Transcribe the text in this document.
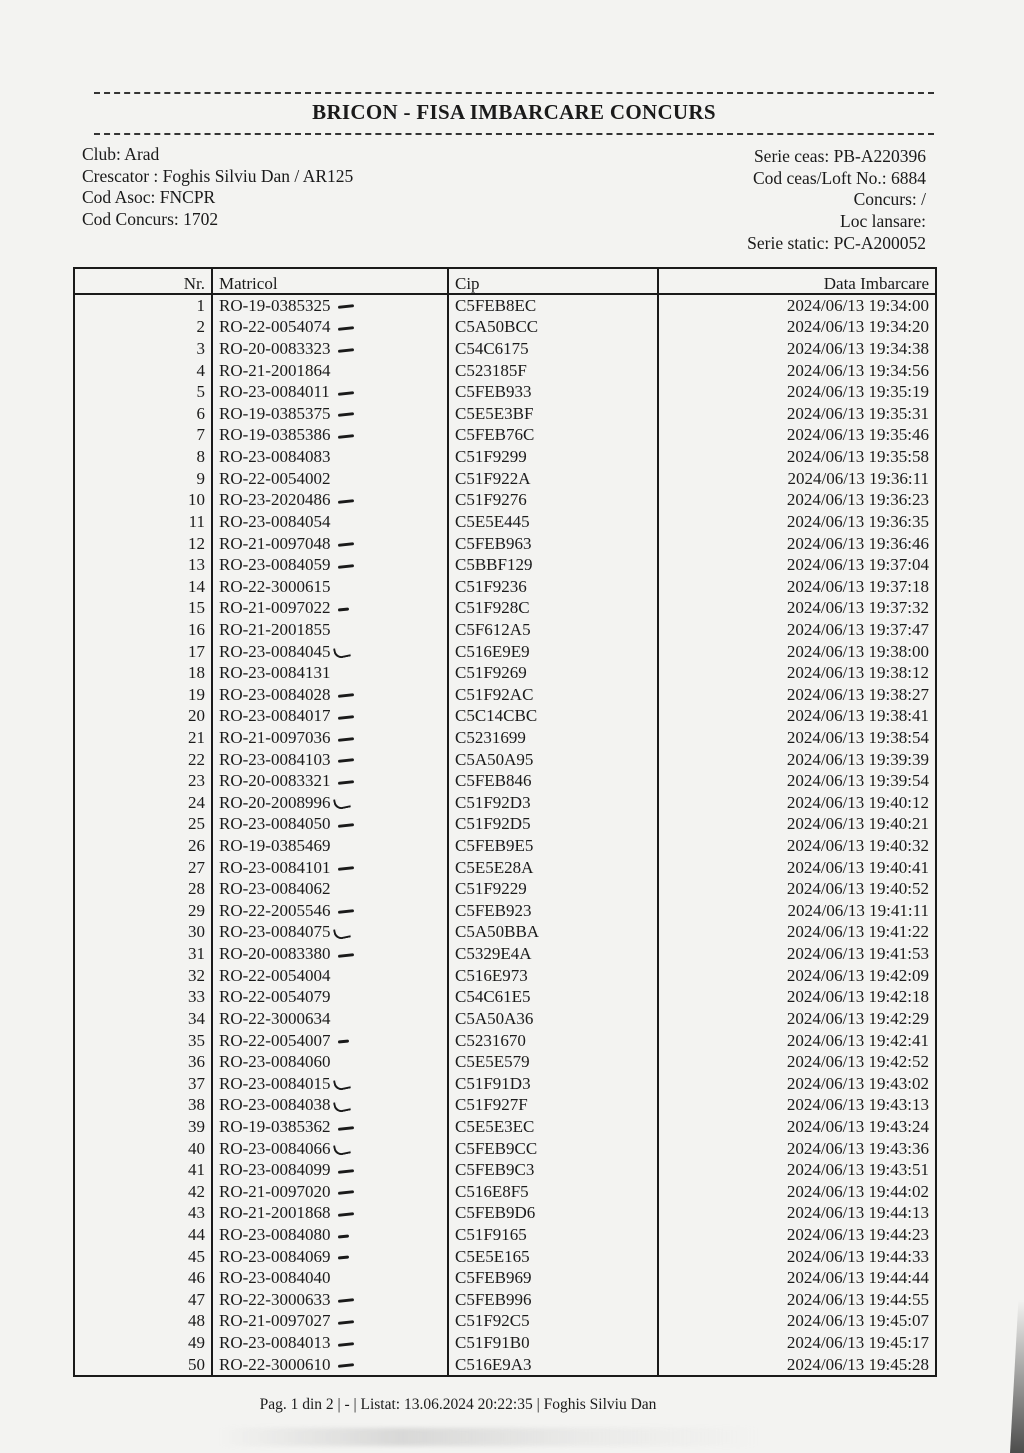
BRICON - FISA IMBARCARE CONCURS
Club: Arad
Crescator : Foghis Silviu Dan / AR125
Cod Asoc: FNCPR
Cod Concurs: 1702
Serie ceas: PB-A220396
Cod ceas/Loft No.: 6884
Concurs: /
Loc lansare:
Serie static: PC-A200052
Nr.	Matricol	Cip	Data Imbarcare
1	RO-19-0385325	C5FEB8EC	2024/06/13 19:34:00
2	RO-22-0054074	C5A50BCC	2024/06/13 19:34:20
3	RO-20-0083323	C54C6175	2024/06/13 19:34:38
4	RO-21-2001864	C523185F	2024/06/13 19:34:56
5	RO-23-0084011	C5FEB933	2024/06/13 19:35:19
6	RO-19-0385375	C5E5E3BF	2024/06/13 19:35:31
7	RO-19-0385386	C5FEB76C	2024/06/13 19:35:46
8	RO-23-0084083	C51F9299	2024/06/13 19:35:58
9	RO-22-0054002	C51F922A	2024/06/13 19:36:11
10	RO-23-2020486	C51F9276	2024/06/13 19:36:23
11	RO-23-0084054	C5E5E445	2024/06/13 19:36:35
12	RO-21-0097048	C5FEB963	2024/06/13 19:36:46
13	RO-23-0084059	C5BBF129	2024/06/13 19:37:04
14	RO-22-3000615	C51F9236	2024/06/13 19:37:18
15	RO-21-0097022	C51F928C	2024/06/13 19:37:32
16	RO-21-2001855	C5F612A5	2024/06/13 19:37:47
17	RO-23-0084045	C516E9E9	2024/06/13 19:38:00
18	RO-23-0084131	C51F9269	2024/06/13 19:38:12
19	RO-23-0084028	C51F92AC	2024/06/13 19:38:27
20	RO-23-0084017	C5C14CBC	2024/06/13 19:38:41
21	RO-21-0097036	C5231699	2024/06/13 19:38:54
22	RO-23-0084103	C5A50A95	2024/06/13 19:39:39
23	RO-20-0083321	C5FEB846	2024/06/13 19:39:54
24	RO-20-2008996	C51F92D3	2024/06/13 19:40:12
25	RO-23-0084050	C51F92D5	2024/06/13 19:40:21
26	RO-19-0385469	C5FEB9E5	2024/06/13 19:40:32
27	RO-23-0084101	C5E5E28A	2024/06/13 19:40:41
28	RO-23-0084062	C51F9229	2024/06/13 19:40:52
29	RO-22-2005546	C5FEB923	2024/06/13 19:41:11
30	RO-23-0084075	C5A50BBA	2024/06/13 19:41:22
31	RO-20-0083380	C5329E4A	2024/06/13 19:41:53
32	RO-22-0054004	C516E973	2024/06/13 19:42:09
33	RO-22-0054079	C54C61E5	2024/06/13 19:42:18
34	RO-22-3000634	C5A50A36	2024/06/13 19:42:29
35	RO-22-0054007	C5231670	2024/06/13 19:42:41
36	RO-23-0084060	C5E5E579	2024/06/13 19:42:52
37	RO-23-0084015	C51F91D3	2024/06/13 19:43:02
38	RO-23-0084038	C51F927F	2024/06/13 19:43:13
39	RO-19-0385362	C5E5E3EC	2024/06/13 19:43:24
40	RO-23-0084066	C5FEB9CC	2024/06/13 19:43:36
41	RO-23-0084099	C5FEB9C3	2024/06/13 19:43:51
42	RO-21-0097020	C516E8F5	2024/06/13 19:44:02
43	RO-21-2001868	C5FEB9D6	2024/06/13 19:44:13
44	RO-23-0084080	C51F9165	2024/06/13 19:44:23
45	RO-23-0084069	C5E5E165	2024/06/13 19:44:33
46	RO-23-0084040	C5FEB969	2024/06/13 19:44:44
47	RO-22-3000633	C5FEB996	2024/06/13 19:44:55
48	RO-21-0097027	C51F92C5	2024/06/13 19:45:07
49	RO-23-0084013	C51F91B0	2024/06/13 19:45:17
50	RO-22-3000610	C516E9A3	2024/06/13 19:45:28
Pag. 1 din 2 | - | Listat: 13.06.2024 20:22:35 | Foghis Silviu Dan
